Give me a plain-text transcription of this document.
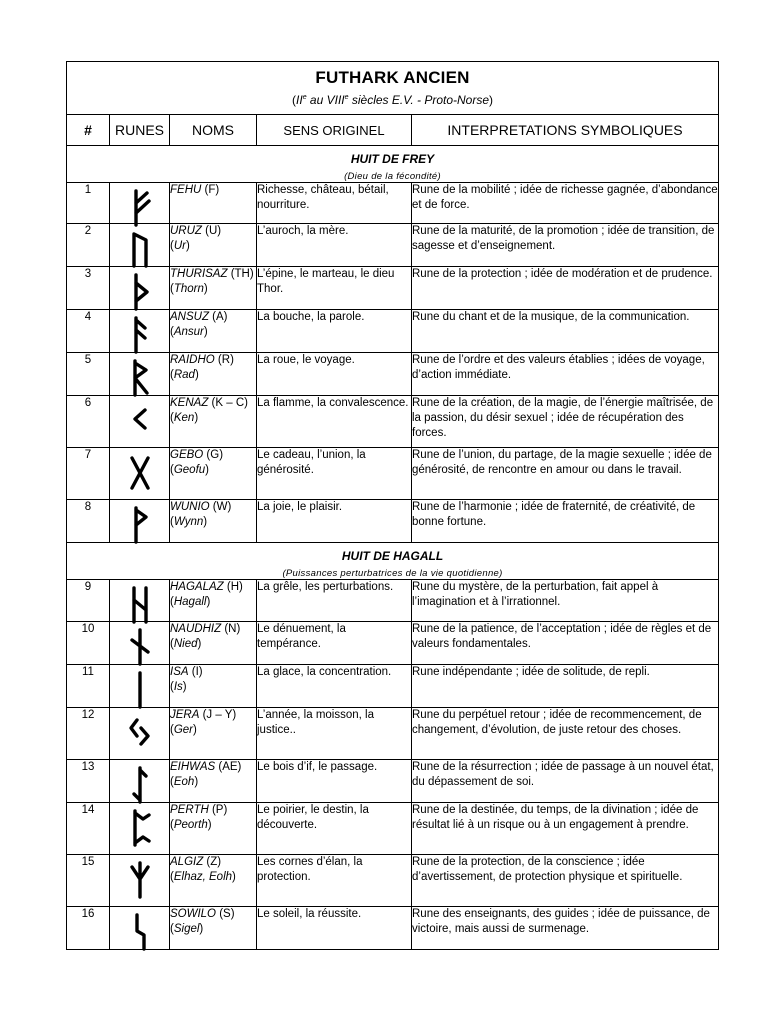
FUTHARK ANCIEN
(IIe au VIIIe siècles E.V. - Proto-Norse)				

#	RUNES	NOMS	SENS ORIGINEL	INTERPRETATIONS SYMBOLIQUES

HUIT DE FREY
(Dieu de la fécondité)				

1		FEHU (F)	Richesse, château, bétail, nourriture.	Rune de la mobilité ; idée de richesse gagnée, d’abondance et de force.
2		URUZ (U)
(Ur)	L’auroch, la mère.	Rune de la maturité, de la promotion ; idée de transition, de sagesse et d’enseignement.
3		THURISAZ (TH)
(Thorn)	L’épine, le marteau, le dieu Thor.	Rune de la protection ; idée de modération et de prudence.
4		ANSUZ (A)
(Ansur)	La bouche, la parole.	Rune du chant et de la musique, de la communication.
5		RAIDHO (R)
(Rad)	La roue, le voyage.	Rune de l’ordre et des valeurs établies ; idées de voyage, d’action immédiate.
6		KENAZ (K – C)
(Ken)	La flamme, la convalescence.	Rune de la création, de la magie, de l’énergie maîtrisée, de la passion, du désir sexuel ; idée de récupération des forces.
7		GEBO (G)
(Geofu)	Le cadeau, l’union, la générosité.	Rune de l’union, du partage, de la magie sexuelle ; idée de générosité, de rencontre en amour ou dans le travail.
8		WUNIO (W)
(Wynn)	La joie, le plaisir.	Rune de l’harmonie ; idée de fraternité, de créativité, de bonne fortune.

HUIT DE HAGALL
(Puissances perturbatrices de la vie quotidienne)				

9		HAGALAZ (H)
(Hagall)	La grêle, les perturbations.	Rune du mystère, de la perturbation, fait appel à l’imagination et à l’irrationnel.
10		NAUDHIZ (N)
(Nied)	Le dénuement, la tempérance.	Rune de la patience, de l’acceptation ; idée de règles et de valeurs fondamentales.
11		ISA (I)
(Is)	La glace, la concentration.	Rune indépendante ; idée de solitude, de repli.
12		JERA (J – Y)
(Ger)	L’année, la moisson, la justice..	Rune du perpétuel retour ; idée de recommencement, de changement, d’évolution, de juste retour des choses.
13		EIHWAS (AE)
(Eoh)	Le bois d’if, le passage.	Rune de la résurrection ; idée de passage à un nouvel état, du dépassement de soi.
14		PERTH (P)
(Peorth)	Le poirier, le destin, la découverte.	Rune de la destinée, du temps, de la divination ; idée de résultat lié à un risque ou à un engagement à prendre.
15		ALGIZ (Z)
(Elhaz, Eolh)	Les cornes d’élan, la protection.	Rune de la protection, de la conscience ; idée d’avertissement, de protection physique et spirituelle.
16		SOWILO (S)
(Sigel)	Le soleil, la réussite.	Rune des enseignants, des guides ; idée de puissance, de victoire, mais aussi de surmenage.
